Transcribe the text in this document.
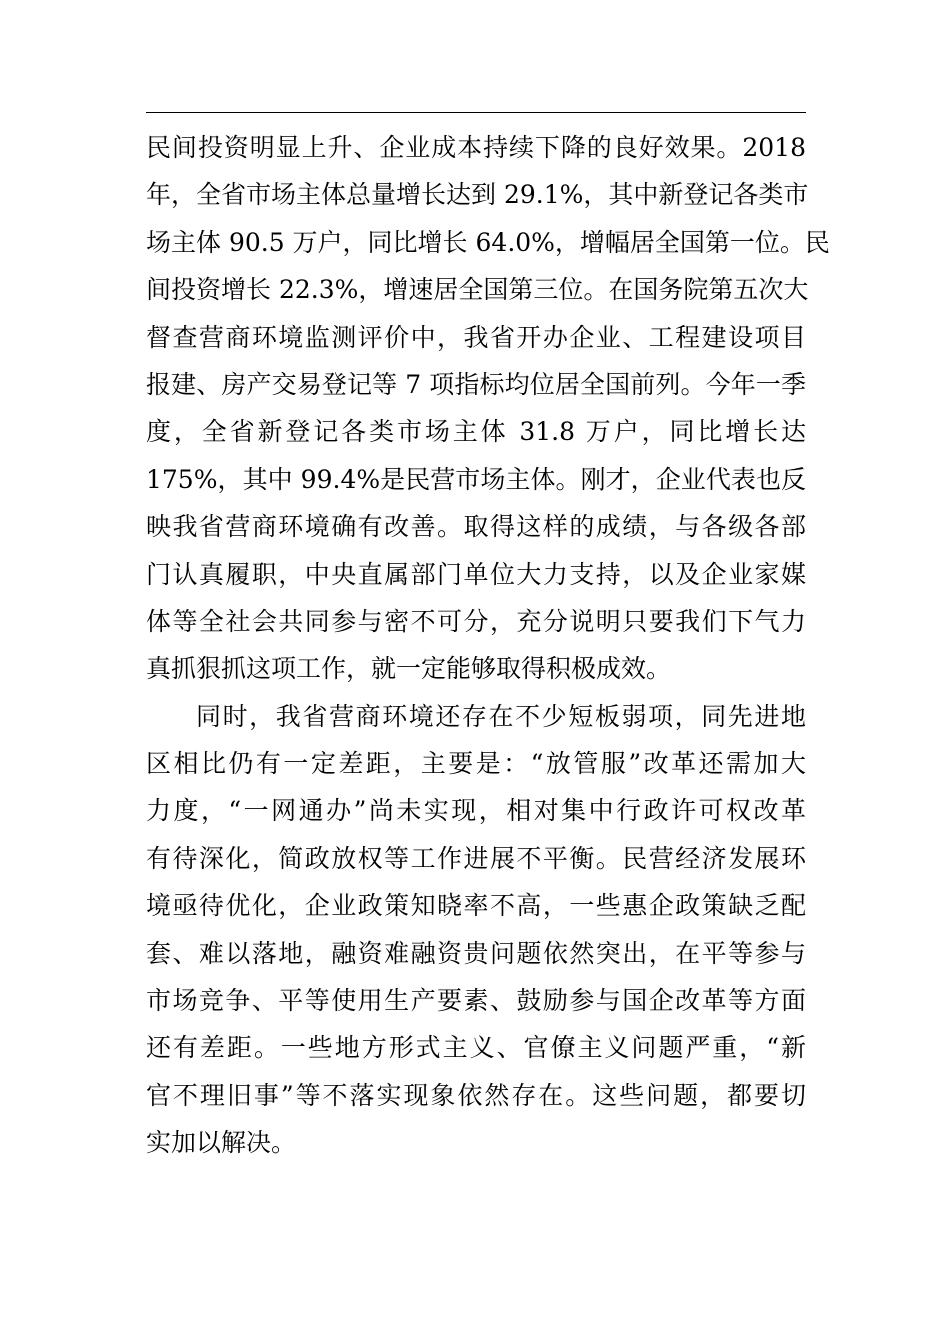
民间投资明显上升、企业成本持续下降的良好效果。2018
年，全省市场主体总量增长达到 29.1%，其中新登记各类市
场主体 90.5 万户，同比增长 64.0%，增幅居全国第一位。民
间投资增长 22.3%，增速居全国第三位。在国务院第五次大
督查营商环境监测评价中，我省开办企业、工程建设项目
报建、房产交易登记等 7 项指标均位居全国前列。今年一季
度，全省新登记各类市场主体 31.8 万户，同比增长达
175%，其中 99.4%是民营市场主体。刚才，企业代表也反
映我省营商环境确有改善。取得这样的成绩，与各级各部
门认真履职，中央直属部门单位大力支持，以及企业家媒
体等全社会共同参与密不可分，充分说明只要我们下气力
真抓狠抓这项工作，就一定能够取得积极成效。
同时，我省营商环境还存在不少短板弱项，同先进地
区相比仍有一定差距，主要是：“放管服”改革还需加大
力度，“一网通办”尚未实现，相对集中行政许可权改革
有待深化，简政放权等工作进展不平衡。民营经济发展环
境亟待优化，企业政策知晓率不高，一些惠企政策缺乏配
套、难以落地，融资难融资贵问题依然突出，在平等参与
市场竞争、平等使用生产要素、鼓励参与国企改革等方面
还有差距。一些地方形式主义、官僚主义问题严重，“新
官不理旧事”等不落实现象依然存在。这些问题，都要切
实加以解决。
